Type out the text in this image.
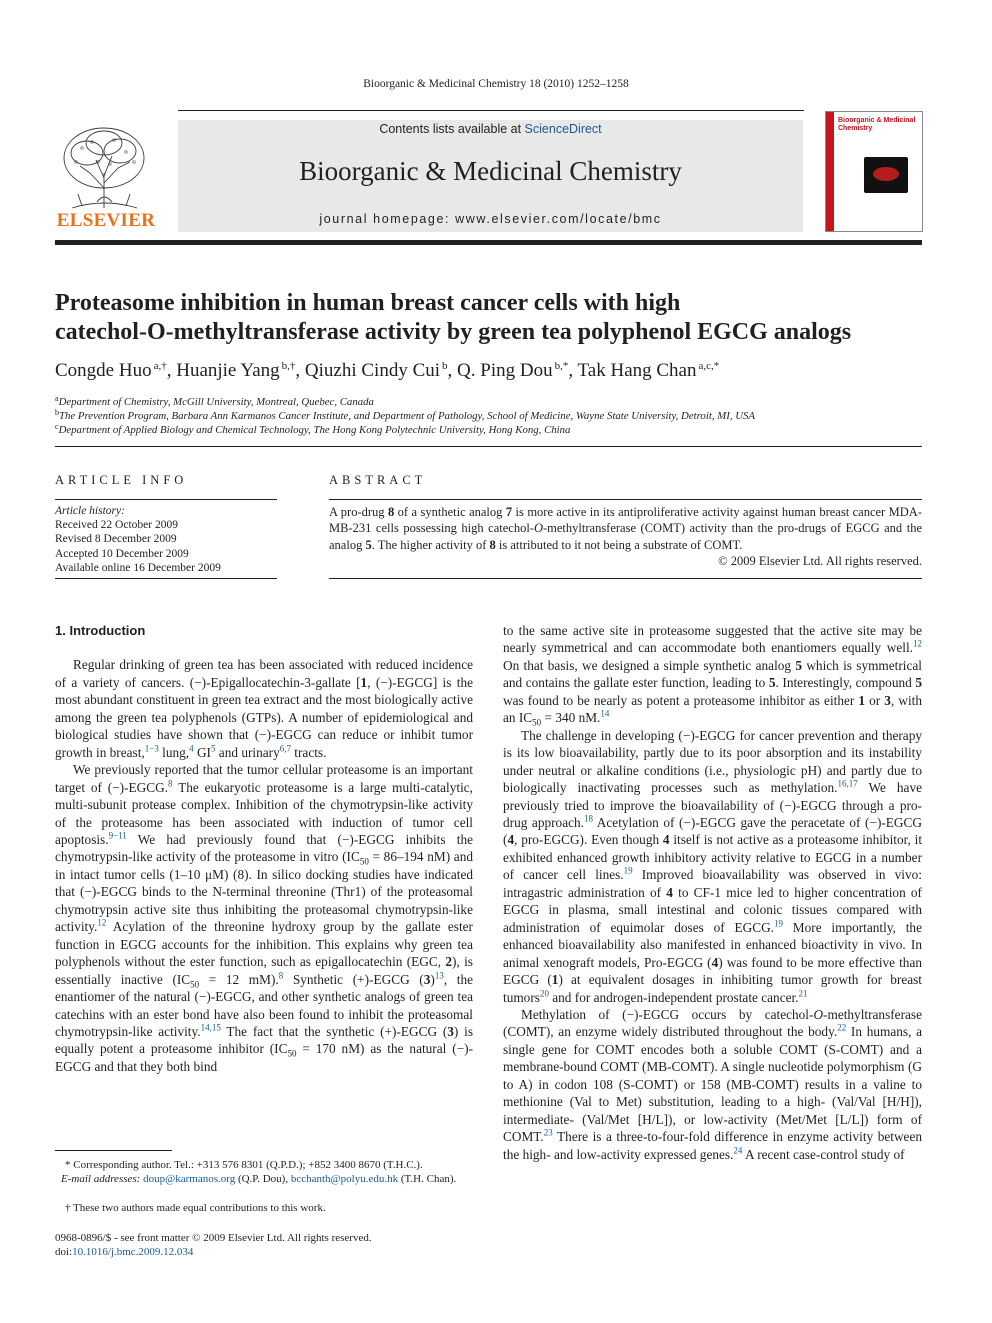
Bioorganic & Medicinal Chemistry 18 (2010) 1252–1258
ELSEVIER
Contents lists available at ScienceDirect
Bioorganic & Medicinal Chemistry
journal homepage: www.elsevier.com/locate/bmc
Bioorganic & Medicinal Chemistry
Proteasome inhibition in human breast cancer cells with high
catechol-O-methyltransferase activity by green tea polyphenol EGCG analogs
Congde Huo $^{a,\dagger}$, Huanjie Yang $^{b,\dagger}$, Qiuzhi Cindy Cui $^b$, Q. Ping Dou $^{b,*}$, Tak Hang Chan $^{a,c,*}$
$^a$Department of Chemistry, McGill University, Montreal, Quebec, Canada
$^b$The Prevention Program, Barbara Ann Karmanos Cancer Institute, and Department of Pathology, School of Medicine, Wayne State University, Detroit, MI, USA
$^c$Department of Applied Biology and Chemical Technology, The Hong Kong Polytechnic University, Hong Kong, China
ARTICLE INFO
Article history:
Received 22 October 2009
Revised 8 December 2009
Accepted 10 December 2009
Available online 16 December 2009
ABSTRACT
A pro-drug 8 of a synthetic analog 7 is more active in its antiproliferative activity against human breast cancer MDA-MB-231 cells possessing high catechol-O-methyltransferase (COMT) activity than the pro-drugs of EGCG and the analog 5. The higher activity of 8 is attributed to it not being a substrate of COMT.
© 2009 Elsevier Ltd. All rights reserved.
1. Introduction

Regular drinking of green tea has been associated with reduced incidence of a variety of cancers. (−)-Epigallocatechin-3-gallate [1, (−)-EGCG] is the most abundant constituent in green tea extract and the most biologically active among the green tea polyphenols (GTPs). A number of epidemiological and biological studies have shown that (−)-EGCG can reduce or inhibit tumor growth in breast,$^{1-3}$ lung,$^4$ $GI^5$ and urinary$^{6,7}$ tracts.

We previously reported that the tumor cellular proteasome is an important target of (−)-EGCG.$^8$ The eukaryotic proteasome is a large multi-catalytic, multi-subunit protease complex. Inhibition of the chymotrypsin-like activity of the proteasome has been associated with induction of tumor cell apoptosis.$^{9-11}$ We had previously found that (−)-EGCG inhibits the chymotrypsin-like activity of the proteasome in vitro ($IC_{50} = 86-194$ nM) and in intact tumor cells (1–10 μM) (8). In silico docking studies have indicated that (−)-EGCG binds to the N-terminal threonine (Thr1) of the proteasomal chymotrypsin active site thus inhibiting the proteasomal chymotrypsin-like activity.$^{12}$ Acylation of the threonine hydroxy group by the gallate ester function in EGCG accounts for the inhibition. This explains why green tea polyphenols without the ester function, such as epigallocatechin (EGC, 2), is essentially inactive ($IC_{50} = 12$ mM).$^8$ Synthetic (+)-EGCG $(3)^{13}$, the enantiomer of the natural (−)-EGCG, and other synthetic analogs of green tea catechins with an ester bond have also been found to inhibit the proteasomal chymotrypsin-like activity.$^{14,15}$ The fact that the synthetic (+)-EGCG (3) is equally potent a proteasome inhibitor ($IC_{50} = 170$ nM) as the natural (−)-EGCG and that they both bind

* Corresponding author. Tel.: +313 576 8301 (Q.P.D.); +852 3400 8670 (T.H.C.).
E-mail addresses: doup@karmanos.org (Q.P. Dou), bcchanth@polyu.edu.hk (T.H. Chan).
† These two authors made equal contributions to this work.
0968-0896/$ - see front matter © 2009 Elsevier Ltd. All rights reserved.
doi:10.1016/j.bmc.2009.12.034

to the same active site in proteasome suggested that the active site may be nearly symmetrical and can accommodate both enantiomers equally well.$^{12}$ On that basis, we designed a simple synthetic analog 5 which is symmetrical and contains the gallate ester function, leading to 5. Interestingly, compound 5 was found to be nearly as potent a proteasome inhibitor as either 1 or 3, with an $IC_{50} = 340$ nM.$^{14}$

The challenge in developing (−)-EGCG for cancer prevention and therapy is its low bioavailability, partly due to its poor absorption and its instability under neutral or alkaline conditions (i.e., physiologic pH) and partly due to biologically inactivating processes such as methylation.$^{16,17}$ We have previously tried to improve the bioavailability of (−)-EGCG through a pro-drug approach.$^{18}$ Acetylation of (−)-EGCG gave the peracetate of (−)-EGCG (4, pro-EGCG). Even though 4 itself is not active as a proteasome inhibitor, it exhibited enhanced growth inhibitory activity relative to EGCG in a number of cancer cell lines.$^{19}$ Improved bioavailability was observed in vivo: intragastric administration of 4 to CF-1 mice led to higher concentration of EGCG in plasma, small intestinal and colonic tissues compared with administration of equimolar doses of EGCG.$^{19}$ More importantly, the enhanced bioavailability also manifested in enhanced bioactivity in vivo. In animal xenograft models, Pro-EGCG (4) was found to be more effective than EGCG (1) at equivalent dosages in inhibiting tumor growth for breast tumors$^{20}$ and for androgen-independent prostate cancer.$^{21}$

Methylation of (−)-EGCG occurs by catechol-O-methyltransferase (COMT), an enzyme widely distributed throughout the body.$^{22}$ In humans, a single gene for COMT encodes both a soluble COMT (S-COMT) and a membrane-bound COMT (MB-COMT). A single nucleotide polymorphism (G to A) in codon 108 (S-COMT) or 158 (MB-COMT) results in a valine to methionine (Val to Met) substitution, leading to a high- (Val/Val [H/H]), intermediate- (Val/Met [H/L]), or low-activity (Met/Met [L/L]) form of COMT.$^{23}$ There is a three-to-four-fold difference in enzyme activity between the high- and low-activity expressed genes.$^{24}$ A recent case-control study of
